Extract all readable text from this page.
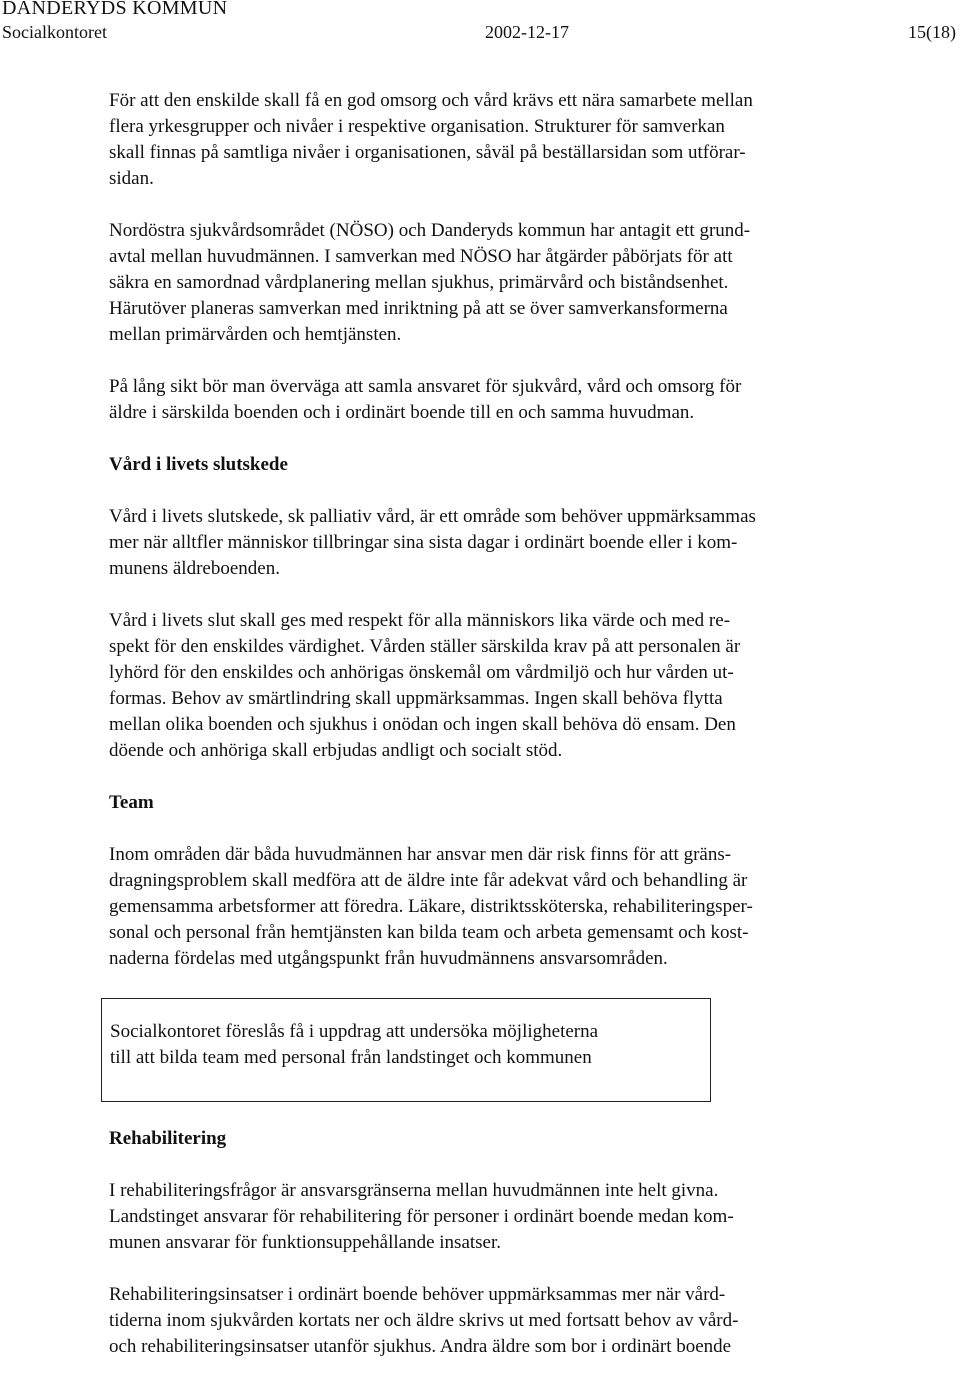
DANDERYDS KOMMUN
Socialkontoret	2002-12-17	15(18)
För att den enskilde skall få en god omsorg och vård krävs ett nära samarbete mellan
flera yrkesgrupper och nivåer i respektive organisation. Strukturer för samverkan
skall finnas på samtliga nivåer i organisationen, såväl på beställarsidan som utförar-
sidan.
Nordöstra sjukvårdsområdet (NÖSO) och Danderyds kommun har antagit ett grund-
avtal mellan huvudmännen. I samverkan med NÖSO har åtgärder påbörjats för att
säkra en samordnad vårdplanering mellan sjukhus, primärvård och biståndsenhet.
Härutöver planeras samverkan med inriktning på att se över samverkansformerna
mellan primärvården och hemtjänsten.
På lång sikt bör man överväga att samla ansvaret för sjukvård, vård och omsorg för
äldre i särskilda boenden och i ordinärt boende till en och samma huvudman.
Vård i livets slutskede
Vård i livets slutskede, sk palliativ vård, är ett område som behöver uppmärksammas
mer när alltfler människor tillbringar sina sista dagar i ordinärt boende eller i kom-
munens äldreboenden.
Vård i livets slut skall ges med respekt för alla människors lika värde och med re-
spekt för den enskildes värdighet. Vården ställer särskilda krav på att personalen är
lyhörd för den enskildes och anhörigas önskemål om vårdmiljö och hur vården ut-
formas. Behov av smärtlindring skall uppmärksammas. Ingen skall behöva flytta
mellan olika boenden och sjukhus i onödan och ingen skall behöva dö ensam. Den
döende och anhöriga skall erbjudas andligt och socialt stöd.
Team
Inom områden där båda huvudmännen har ansvar men där risk finns för att gräns-
dragningsproblem skall medföra att de äldre inte får adekvat vård och behandling är
gemensamma arbetsformer att föredra. Läkare, distriktssköterska, rehabiliteringsper-
sonal och personal från hemtjänsten kan bilda team och arbeta gemensamt och kost-
naderna fördelas med utgångspunkt från huvudmännens ansvarsområden.
Socialkontoret föreslås få i uppdrag att undersöka möjligheterna
till att bilda team med personal från landstinget och kommunen
Rehabilitering
I rehabiliteringsfrågor är ansvarsgränserna mellan huvudmännen inte helt givna.
Landstinget ansvarar för rehabilitering för personer i ordinärt boende medan kom-
munen ansvarar för funktionsuppehållande insatser.
Rehabiliteringsinsatser i ordinärt boende behöver uppmärksammas mer när vård-
tiderna inom sjukvården kortats ner och äldre skrivs ut med fortsatt behov av vård-
och rehabiliteringsinsatser utanför sjukhus. Andra äldre som bor i ordinärt boende
